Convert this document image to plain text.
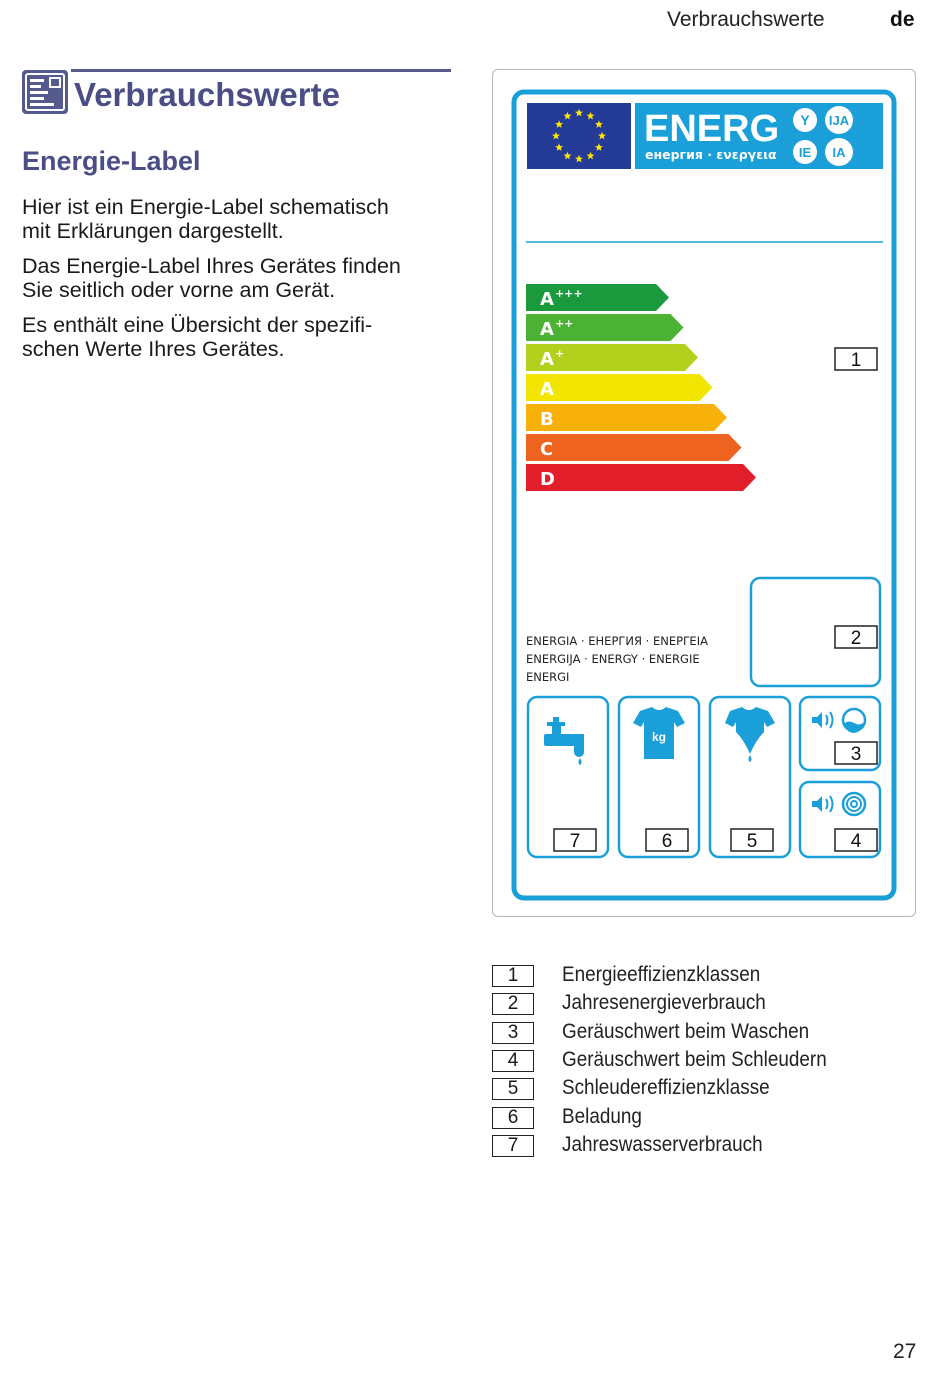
Verbrauchswerte	de
Verbrauchswerte
Energie-Label
Hier ist ein Energie-Label schematisch
mit Erklärungen dargestellt.
Das Energie-Label Ihres Gerätes finden
Sie seitlich oder vorne am Gerät.
Es enthält eine Übersicht der spezifi-
schen Werte Ihres Gerätes.
ENERG
енергия · ενεργεια
Y IJA
IE IA
A+++
A++
A+
A
B
C
D
1
2
ENERGIA · ЕНЕРГИЯ · ΕΝΕΡΓΕΙΑ
ENERGIJA · ENERGY · ENERGIE
ENERGI
kg
3
4
5
6
7
1	Energieeffizienzklassen
2	Jahresenergieverbrauch
3	Geräuschwert beim Waschen
4	Geräuschwert beim Schleudern
5	Schleudereffizienzklasse
6	Beladung
7	Jahreswasserverbrauch
27
